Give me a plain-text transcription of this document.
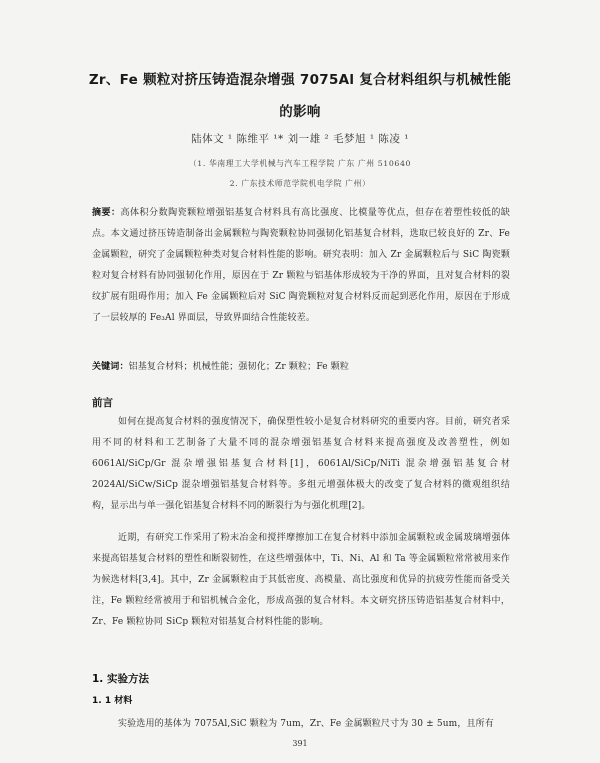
Zr、Fe 颗粒对挤压铸造混杂增强 7075Al 复合材料组织与机械性能
的影响
陆体文 ¹ 陈维平 ¹* 刘一雄 ² 毛梦旭 ¹ 陈凌 ¹
（1. 华南理工大学机械与汽车工程学院 广东 广州 510640
2. 广东技术师范学院机电学院 广州）
摘要：高体积分数陶瓷颗粒增强铝基复合材料具有高比强度、比模量等优点，但存在着塑性较低的缺点。本文通过挤压铸造制备出金属颗粒与陶瓷颗粒协同强韧化铝基复合材料，选取已较良好的 Zr、Fe 金属颗粒，研究了金属颗粒种类对复合材料性能的影响。研究表明：加入 Zr 金属颗粒后与 SiC 陶瓷颗粒对复合材料有协同强韧化作用，原因在于 Zr 颗粒与铝基体形成较为干净的界面，且对复合材料的裂纹扩展有阻碍作用；加入 Fe 金属颗粒后对 SiC 陶瓷颗粒对复合材料反而起到恶化作用，原因在于形成了一层较厚的 Fe₃Al 界面层，导致界面结合性能较差。
关键词：铝基复合材料；机械性能；强韧化；Zr 颗粒；Fe 颗粒
前言
如何在提高复合材料的强度情况下，确保塑性较小是复合材料研究的重要内容。目前，研究者采用不同的材料和工艺制备了大量不同的混杂增强铝基复合材料来提高强度及改善塑性，例如 6061Al/SiCp/Gr 混杂增强铝基复合材料[1]，6061Al/SiCp/NiTi 混杂增强铝基复合材 2024Al/SiCw/SiCp 混杂增强铝基复合材料等。多组元增强体极大的改变了复合材料的微观组织结构，显示出与单一强化铝基复合材料不同的断裂行为与强化机理[2]。
近期，有研究工作采用了粉末冶金和搅拌摩擦加工在复合材料中添加金属颗粒或金属玻璃增强体来提高铝基复合材料的塑性和断裂韧性，在这些增强体中，Ti、Ni、Al 和 Ta 等金属颗粒常常被用来作为候选材料[3,4]。其中，Zr 金属颗粒由于其低密度、高模量、高比强度和优异的抗疲劳性能而备受关注，Fe 颗粒经常被用于和铝机械合金化，形成高强的复合材料。本文研究挤压铸造铝基复合材料中，Zr、Fe 颗粒协同 SiCp 颗粒对铝基复合材料性能的影响。
1. 实验方法
1. 1 材料
实验选用的基体为 7075Al,SiC 颗粒为 7um，Zr、Fe 金属颗粒尺寸为 30 ± 5um，且所有
391
